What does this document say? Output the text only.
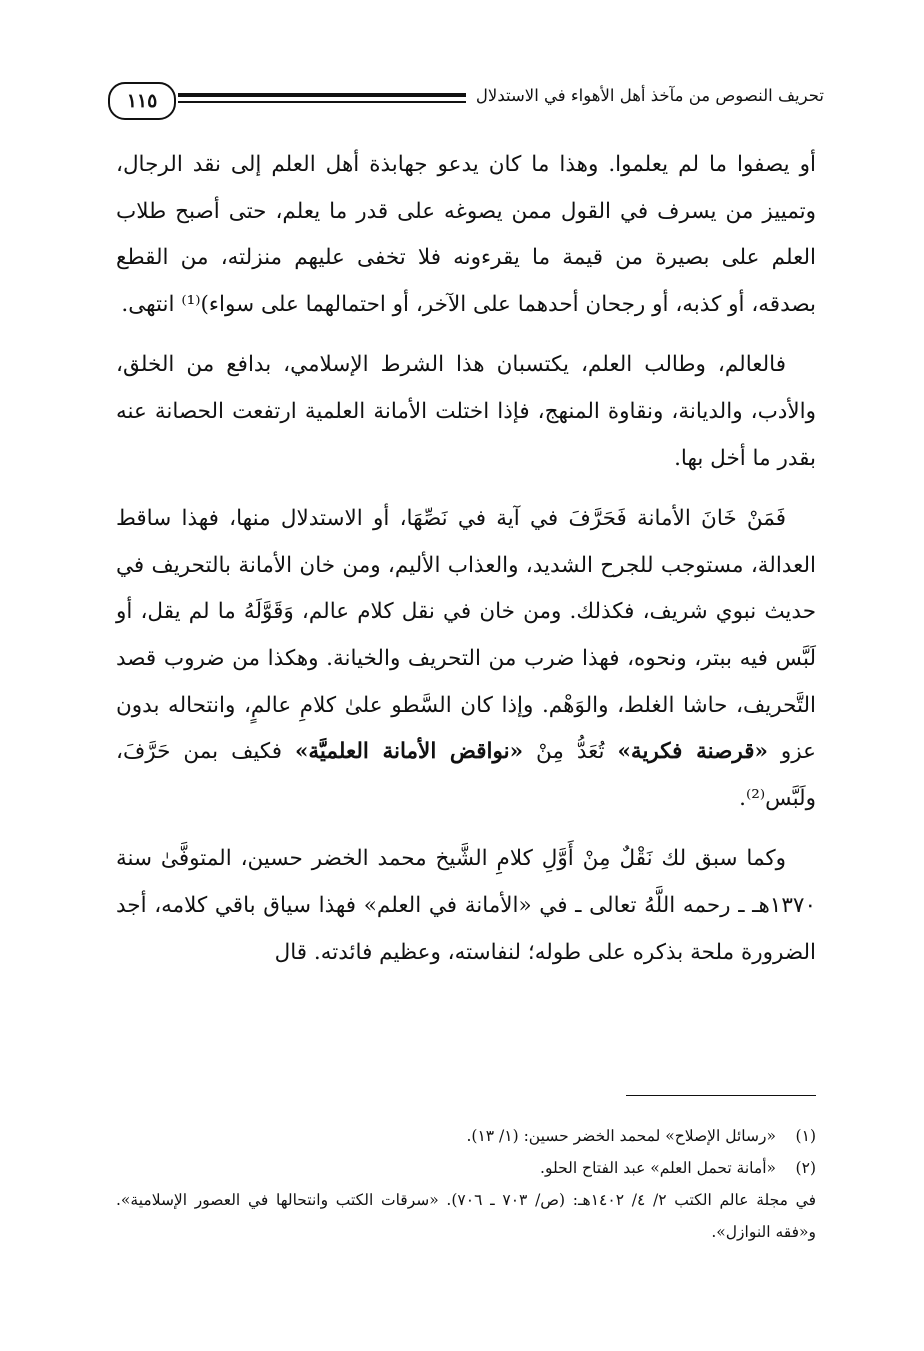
١١٥	تحريف النصوص من مآخذ أهل الأهواء في الاستدلال

أو يصفوا ما لم يعلموا. وهذا ما كان يدعو جهابذة أهل العلم إلى نقد الرجال، وتمييز من يسرف في القول ممن يصوغه على قدر ما يعلم، حتى أصبح طلاب العلم على بصيرة من قيمة ما يقرءونه فلا تخفى عليهم منزلته، من القطع بصدقه، أو كذبه، أو رجحان أحدهما على الآخر، أو احتمالهما على سواء)⁽¹⁾ انتهى.

فالعالم، وطالب العلم، يكتسبان هذا الشرط الإسلامي، بدافع من الخلق، والأدب، والديانة، ونقاوة المنهج، فإذا اختلت الأمانة العلمية ارتفعت الحصانة عنه بقدر ما أخل بها.

فَمَنْ خَانَ الأمانة فَحَرَّفَ في آية في نَصِّهَا، أو الاستدلال منها، فهذا ساقط العدالة، مستوجب للجرح الشديد، والعذاب الأليم، ومن خان الأمانة بالتحريف في حديث نبوي شريف، فكذلك. ومن خان في نقل كلام عالم، وَقَوَّلَهُ ما لم يقل، أو لَبَّس فيه ببتر، ونحوه، فهذا ضرب من التحريف والخيانة. وهكذا من ضروب قصد التَّحريف، حاشا الغلط، والوَهْم. وإذا كان السَّطو علىٰ كلامِ عالمٍ، وانتحاله بدون عزو «قرصنة فكرية» تُعَدُّ مِنْ «نواقض الأمانة العلميَّة» فكيف بمن حَرَّفَ، ولَبَّس⁽²⁾.

وكما سبق لك نَقْلٌ مِنْ أَوَّلِ كلامِ الشَّيخ محمد الخضر حسين، المتوفَّىٰ سنة ١٣٧٠هـ ـ رحمه اللَّهُ تعالى ـ في «الأمانة في العلم» فهذا سياق باقي كلامه، أجد الضرورة ملحة بذكره على طوله؛ لنفاسته، وعظيم فائدته. قال

(١)
«رسائل الإصلاح» لمحمد الخضر حسين: (١/ ١٣).
(٢)
«أمانة تحمل العلم» عبد الفتاح الحلو.
في مجلة عالم الكتب ٢/ ٤/ ١٤٠٢هـ: (ص/ ٧٠٣ ـ ٧٠٦). «سرقات الكتب وانتحالها في العصور الإسلامية». و«فقه النوازل».
